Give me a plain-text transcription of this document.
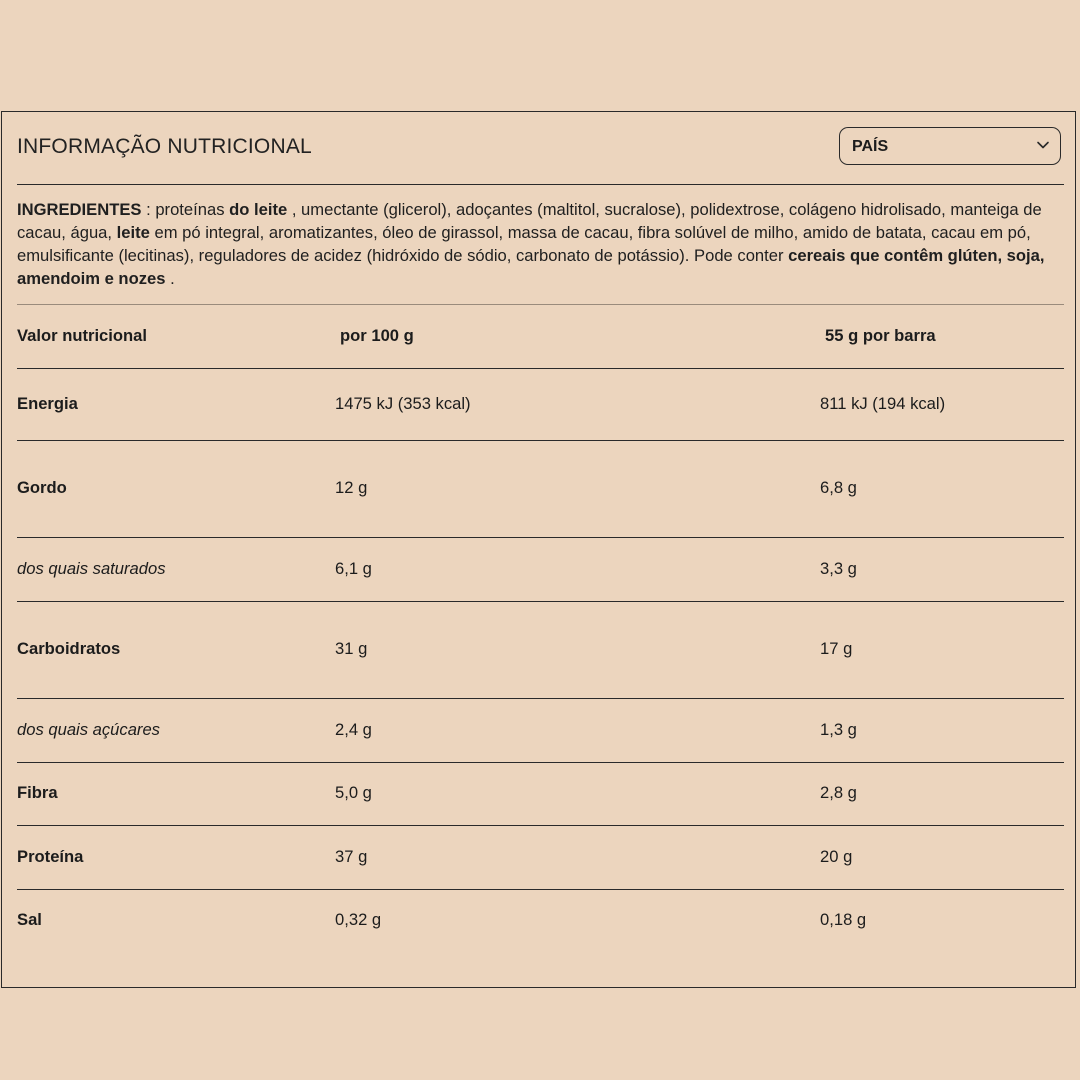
INFORMAÇÃO NUTRICIONAL	PAÍS
INGREDIENTES : proteínas do leite , umectante (glicerol), adoçantes (maltitol, sucralose), polidextrose, colágeno hidrolisado, manteiga de cacau, água, leite em pó integral, aromatizantes, óleo de girassol, massa de cacau, fibra solúvel de milho, amido de batata, cacau em pó, emulsificante (lecitinas), reguladores de acidez (hidróxido de sódio, carbonato de potássio). Pode conter cereais que contêm glúten, soja, amendoim e nozes .
Valor nutricional	por 100 g	55 g por barra
Energia	1475 kJ (353 kcal)	811 kJ (194 kcal)
Gordo	12 g	6,8 g
dos quais saturados	6,1 g	3,3 g
Carboidratos	31 g	17 g
dos quais açúcares	2,4 g	1,3 g
Fibra	5,0 g	2,8 g
Proteína	37 g	20 g
Sal	0,32 g	0,18 g
